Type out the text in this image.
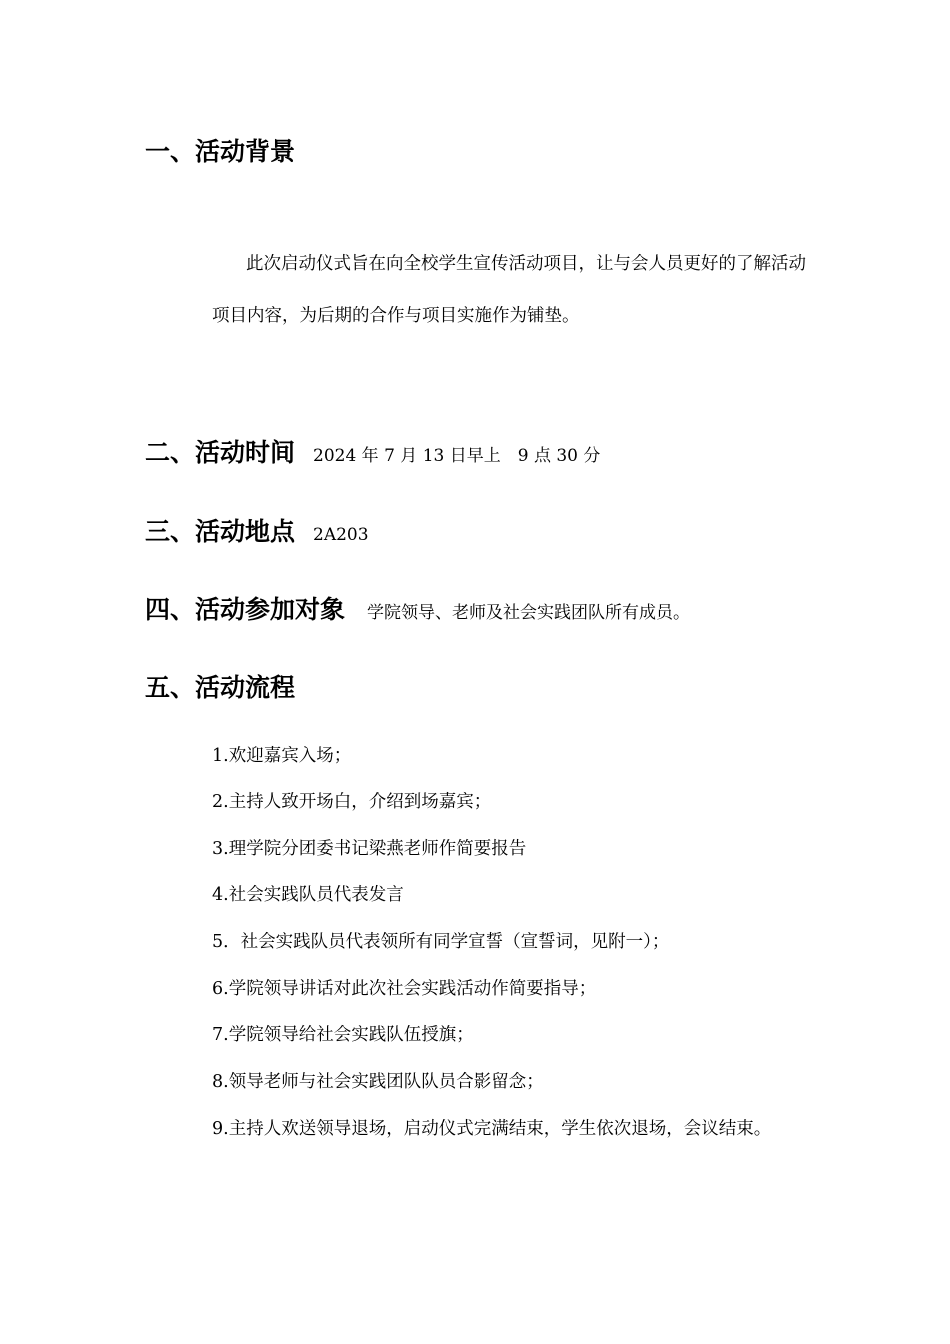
一、活动背景
此次启动仪式旨在向全校学生宣传活动项目，让与会人员更好的了解活动项目内容，为后期的合作与项目实施作为铺垫。
二、活动时间 2024 年 7 月 13 日早上　9 点 30 分
三、活动地点 2A203
四、活动参加对象 学院领导、老师及社会实践团队所有成员。
五、活动流程
1.欢迎嘉宾入场；
2.主持人致开场白，介绍到场嘉宾；
3.理学院分团委书记梁燕老师作简要报告
4.社会实践队员代表发言
5．社会实践队员代表领所有同学宣誓（宣誓词，见附一）；
6.学院领导讲话对此次社会实践活动作简要指导；
7.学院领导给社会实践队伍授旗；
8.领导老师与社会实践团队队员合影留念；
9.主持人欢送领导退场，启动仪式完满结束，学生依次退场，会议结束。
